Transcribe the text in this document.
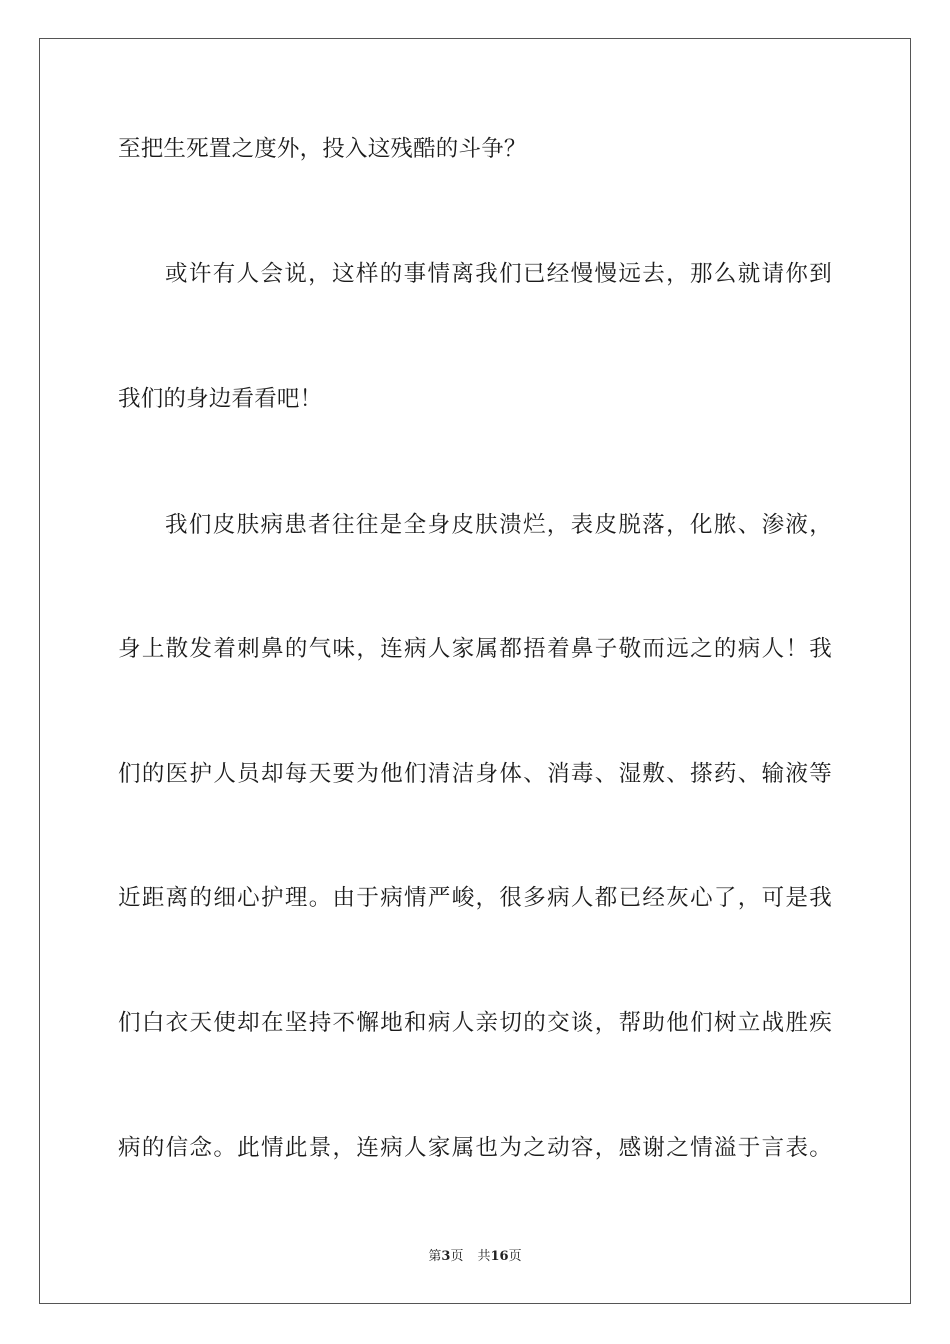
至把生死置之度外，投入这残酷的斗争？
或许有人会说，这样的事情离我们已经慢慢远去，那么就请你到
我们的身边看看吧！
我们皮肤病患者往往是全身皮肤溃烂，表皮脱落，化脓、渗液，
身上散发着刺鼻的气味，连病人家属都捂着鼻子敬而远之的病人！我
们的医护人员却每天要为他们清洁身体、消毒、湿敷、搽药、输液等
近距离的细心护理。由于病情严峻，很多病人都已经灰心了，可是我
们白衣天使却在坚持不懈地和病人亲切的交谈，帮助他们树立战胜疾
病的信念。此情此景，连病人家属也为之动容，感谢之情溢于言表。
第3页 共16页
